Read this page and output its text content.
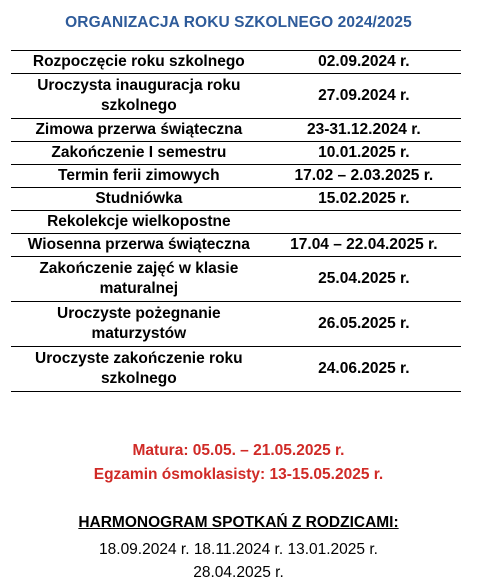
ORGANIZACJA ROKU SZKOLNEGO 2024/2025
Rozpoczęcie roku szkolnego	02.09.2024 r.
Uroczysta inauguracja roku szkolnego	27.09.2024 r.
Zimowa przerwa świąteczna	23-31.12.2024 r.
Zakończenie I semestru	10.01.2025 r.
Termin ferii zimowych	17.02 – 2.03.2025 r.
Studniówka	15.02.2025 r.
Rekolekcje wielkopostne	
Wiosenna przerwa świąteczna	17.04 – 22.04.2025 r.
Zakończenie zajęć w klasie maturalnej	25.04.2025 r.
Uroczyste pożegnanie maturzystów	26.05.2025 r.
Uroczyste zakończenie roku szkolnego	24.06.2025 r.
Matura: 05.05. – 21.05.2025 r.
Egzamin ósmoklasisty: 13-15.05.2025 r.
HARMONOGRAM SPOTKAŃ Z RODZICAMI:
18.09.2024 r. 18.11.2024 r. 13.01.2025 r. 28.04.2025 r.
